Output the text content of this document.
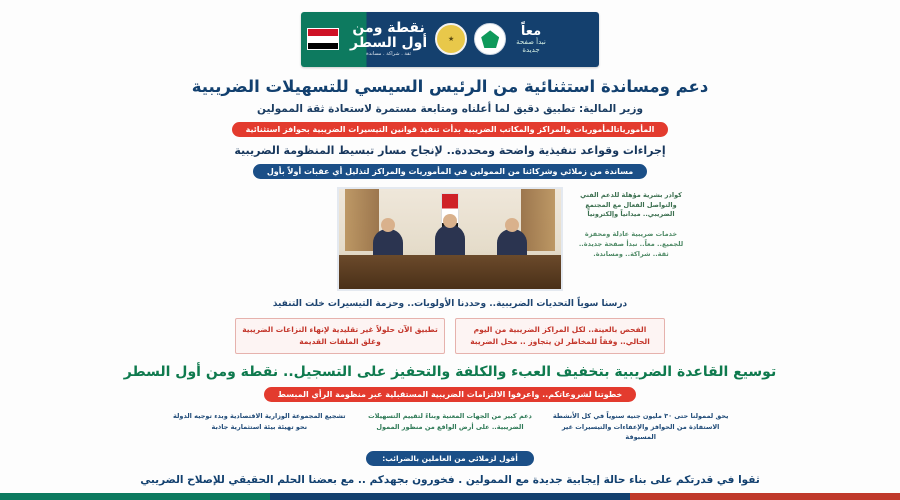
نقطة ومن
أول السطر
ثقة . شراكة . مساندة
★
معاً
نبدأ صفحة
جديدة
دعم ومساندة استثنائية من الرئيس السيسي للتسهيلات الضريبية
وزير المالية: تطبيق دقيق لما أعلناه ومتابعة مستمرة لاستعادة ثقة الممولين
المأمورياتالمأموريات والمراكز والمكاتب الضريبية بدأت تنفيذ قوانين التيسيرات الضريبية بحوافز استثنائية
إجراءات وقواعد تنفيذية واضحة ومحددة.. لإنجاح مسار تبسيط المنظومة الضريبية
مساندة من زملائي وشركائنا من الممولين في المأموريات والمراكز لتذليل أي عقبات أولاً بأول
كوادر بشرية مؤهلة للدعم الفني والتواصل الفعال مع المجتمع الضريبي.. ميدانياً وإلكترونياً
خدمات ضريبية عادلة ومحفزة للجميع.. معاً.. نبدأ صفحة جديدة.. ثقة.. شراكة.. ومساندة.
درسنا سوياً التحديات الضريبية.. وحددنا الأولويات.. وحزمة التيسيرات خلت التنفيذ
الفحص بالعينة.. لكل المراكز الضريبية من اليوم الحالي.. وفقاً للمخاطر لن يتجاوز .. محل الضريبة
تطبيق الآن حلولاً غير تقليدية لإنهاء النزاعات الضريبية وغلق الملفات القديمة
توسيع القاعدة الضريبية بتخفيف العبء والكلفة والتحفيز على التسجيل.. نقطة ومن أول السطر
خطوتنا لشروعاتكم.. واعرفوا الالتزامات الضريبية المستقبلية عبر منظومة الرأي المبسط
يحق لممولنا حتى ٣٠ مليون جنيه سنوياً في كل الأنشطة الاستفادة من الحوافز والإعفاءات والتيسيرات غير المسبوقة
دعم كبير من الجهات المعنية وبناءً لتقييم التسهيلات الضريبية.. على أرض الواقع من منظور الممول
تشجيع المجموعة الوزارية الاقتصادية وبدء توجيه الدولة نحو تهيئة بيئة استثمارية جاذبة
أقول لزملائي من العاملين بالضرائب:
ثقوا في قدرتكم على بناء حالة إيجابية جديدة مع الممولين . فخورون بجهدكم .. مع بعضنا الحلم الحقيقي للإصلاح الضريبي
